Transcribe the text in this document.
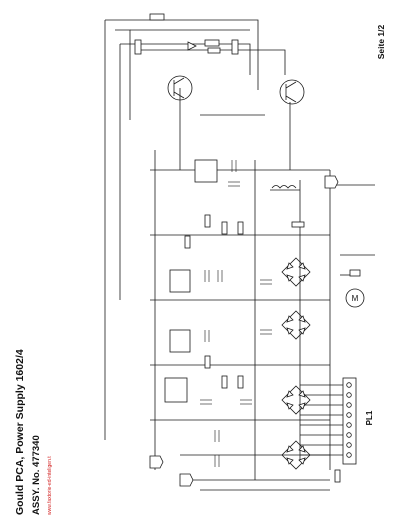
M
PL1
Gould PCA, Power Supply 1602/4 ASSY. No. 477340 www.faxtorie-ed-inteligen.t
Seite 1/2
